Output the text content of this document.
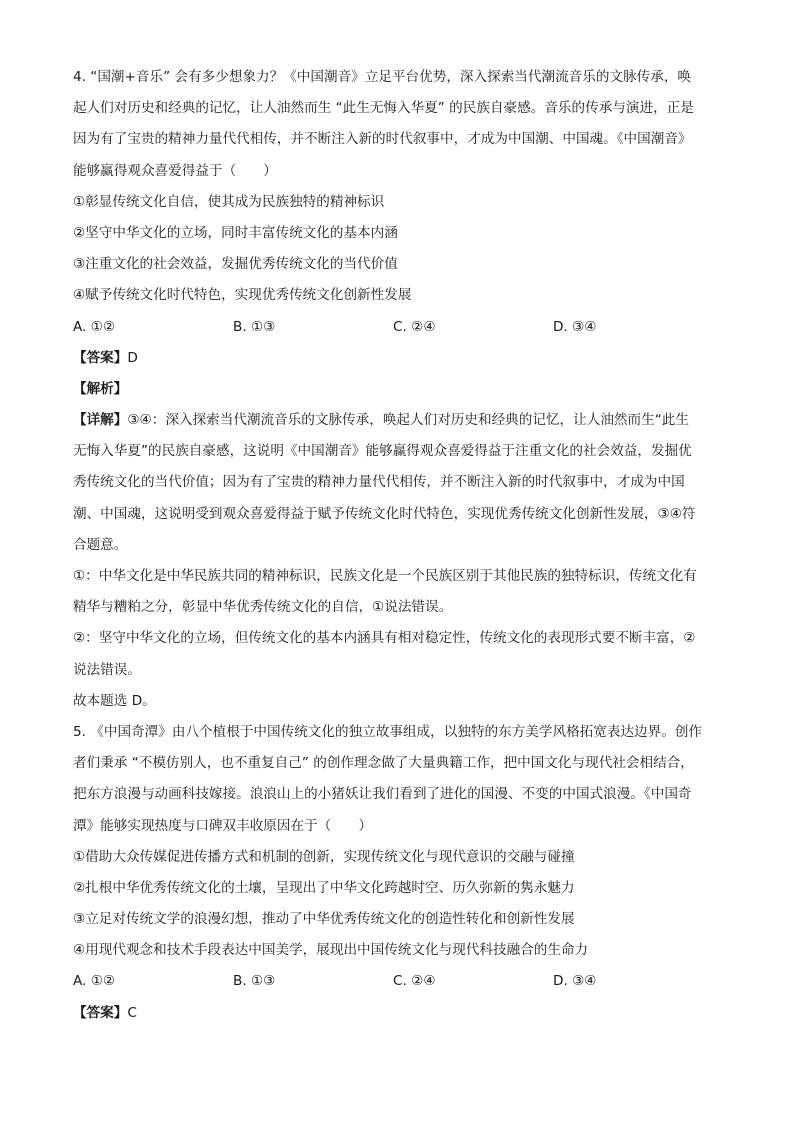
4. “国潮+音乐” 会有多少想象力？《中国潮音》立足平台优势，深入探索当代潮流音乐的文脉传承，唤
起人们对历史和经典的记忆，让人油然而生 “此生无悔入华夏” 的民族自豪感。音乐的传承与演进，正是
因为有了宝贵的精神力量代代相传，并不断注入新的时代叙事中，才成为中国潮、中国魂。《中国潮音》
能够赢得观众喜爱得益于（　　）
①彰显传统文化自信，使其成为民族独特的精神标识
②坚守中华文化的立场，同时丰富传统文化的基本内涵
③注重文化的社会效益，发掘优秀传统文化的当代价值
④赋予传统文化时代特色，实现优秀传统文化创新性发展
A. ①②	B. ①③	C. ②④	D. ③④
【答案】D
【解析】
【详解】③④：深入探索当代潮流音乐的文脉传承，唤起人们对历史和经典的记忆，让人油然而生“此生
无悔入华夏”的民族自豪感，这说明《中国潮音》能够赢得观众喜爱得益于注重文化的社会效益，发掘优
秀传统文化的当代价值；因为有了宝贵的精神力量代代相传，并不断注入新的时代叙事中，才成为中国
潮、中国魂，这说明受到观众喜爱得益于赋予传统文化时代特色，实现优秀传统文化创新性发展，③④符
合题意。
①：中华文化是中华民族共同的精神标识，民族文化是一个民族区别于其他民族的独特标识，传统文化有
精华与糟粕之分，彰显中华优秀传统文化的自信，①说法错误。
②：坚守中华文化的立场，但传统文化的基本内涵具有相对稳定性，传统文化的表现形式要不断丰富，②
说法错误。
故本题选 D。
5. 《中国奇潭》由八个植根于中国传统文化的独立故事组成，以独特的东方美学风格拓宽表达边界。创作
者们秉承 “不模仿别人，也不重复自己” 的创作理念做了大量典籍工作，把中国文化与现代社会相结合，
把东方浪漫与动画科技嫁接。浪浪山上的小猪妖让我们看到了进化的国漫、不变的中国式浪漫。《中国奇
潭》能够实现热度与口碑双丰收原因在于（　　）
①借助大众传媒促进传播方式和机制的创新，实现传统文化与现代意识的交融与碰撞
②扎根中华优秀传统文化的土壤，呈现出了中华文化跨越时空、历久弥新的隽永魅力
③立足对传统文学的浪漫幻想，推动了中华优秀传统文化的创造性转化和创新性发展
④用现代观念和技术手段表达中国美学，展现出中国传统文化与现代科技融合的生命力
A. ①②	B. ①③	C. ②④	D. ③④
【答案】C
